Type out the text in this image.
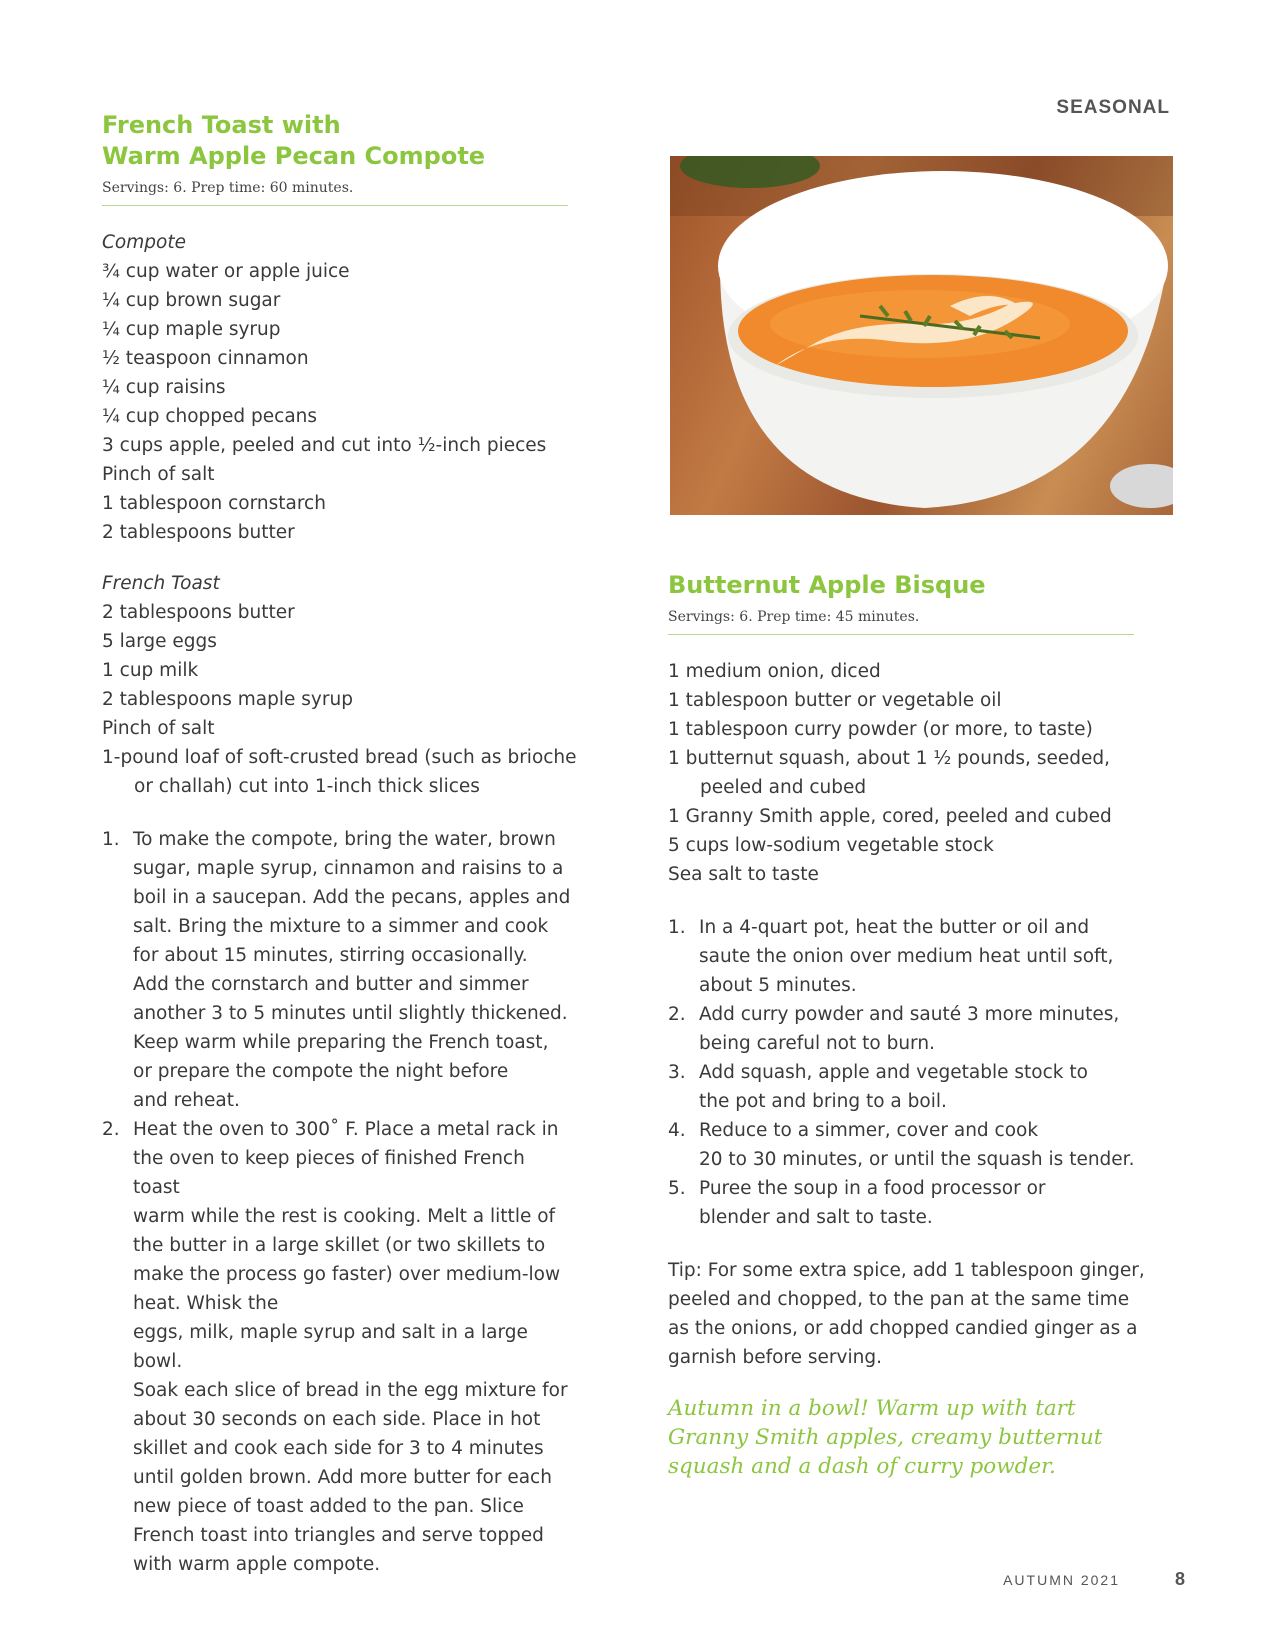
SEASONAL
French Toast with
Warm Apple Pecan Compote
Servings: 6. Prep time: 60 minutes.
Compote
¾ cup water or apple juice
¼ cup brown sugar
¼ cup maple syrup
½ teaspoon cinnamon
¼ cup raisins
¼ cup chopped pecans
3 cups apple, peeled and cut into ½-inch pieces
Pinch of salt
1 tablespoon cornstarch
2 tablespoons butter
French Toast
2 tablespoons butter
5 large eggs
1 cup milk
2 tablespoons maple syrup
Pinch of salt
1-pound loaf of soft-crusted bread (such as brioche
or challah) cut into 1-inch thick slices
1. To make the compote, bring the water, brown
sugar, maple syrup, cinnamon and raisins to a
boil in a saucepan. Add the pecans, apples and
salt. Bring the mixture to a simmer and cook
for about 15 minutes, stirring occasionally.
Add the cornstarch and butter and simmer
another 3 to 5 minutes until slightly thickened.
Keep warm while preparing the French toast,
or prepare the compote the night before
and reheat.
2. Heat the oven to 300˚ F. Place a metal rack in
the oven to keep pieces of finished French toast
warm while the rest is cooking. Melt a little of
the butter in a large skillet (or two skillets to
make the process go faster) over medium-low
heat. Whisk the
eggs, milk, maple syrup and salt in a large bowl.
Soak each slice of bread in the egg mixture for
about 30 seconds on each side. Place in hot
skillet and cook each side for 3 to 4 minutes
until golden brown. Add more butter for each
new piece of toast added to the pan. Slice
French toast into triangles and serve topped
with warm apple compote.
Butternut Apple Bisque
Servings: 6. Prep time: 45 minutes.
1 medium onion, diced
1 tablespoon butter or vegetable oil
1 tablespoon curry powder (or more, to taste)
1 butternut squash, about 1 ½ pounds, seeded,
peeled and cubed
1 Granny Smith apple, cored, peeled and cubed
5 cups low-sodium vegetable stock
Sea salt to taste
1. In a 4-quart pot, heat the butter or oil and
saute the onion over medium heat until soft,
about 5 minutes.
2. Add curry powder and sauté 3 more minutes,
being careful not to burn.
3. Add squash, apple and vegetable stock to
the pot and bring to a boil.
4. Reduce to a simmer, cover and cook
20 to 30 minutes, or until the squash is tender.
5. Puree the soup in a food processor or
blender and salt to taste.
Tip: For some extra spice, add 1 tablespoon ginger,
peeled and chopped, to the pan at the same time
as the onions, or add chopped candied ginger as a
garnish before serving.
Autumn in a bowl! Warm up with tart
Granny Smith apples, creamy butternut
squash and a dash of curry powder.
AUTUMN 2021	8
